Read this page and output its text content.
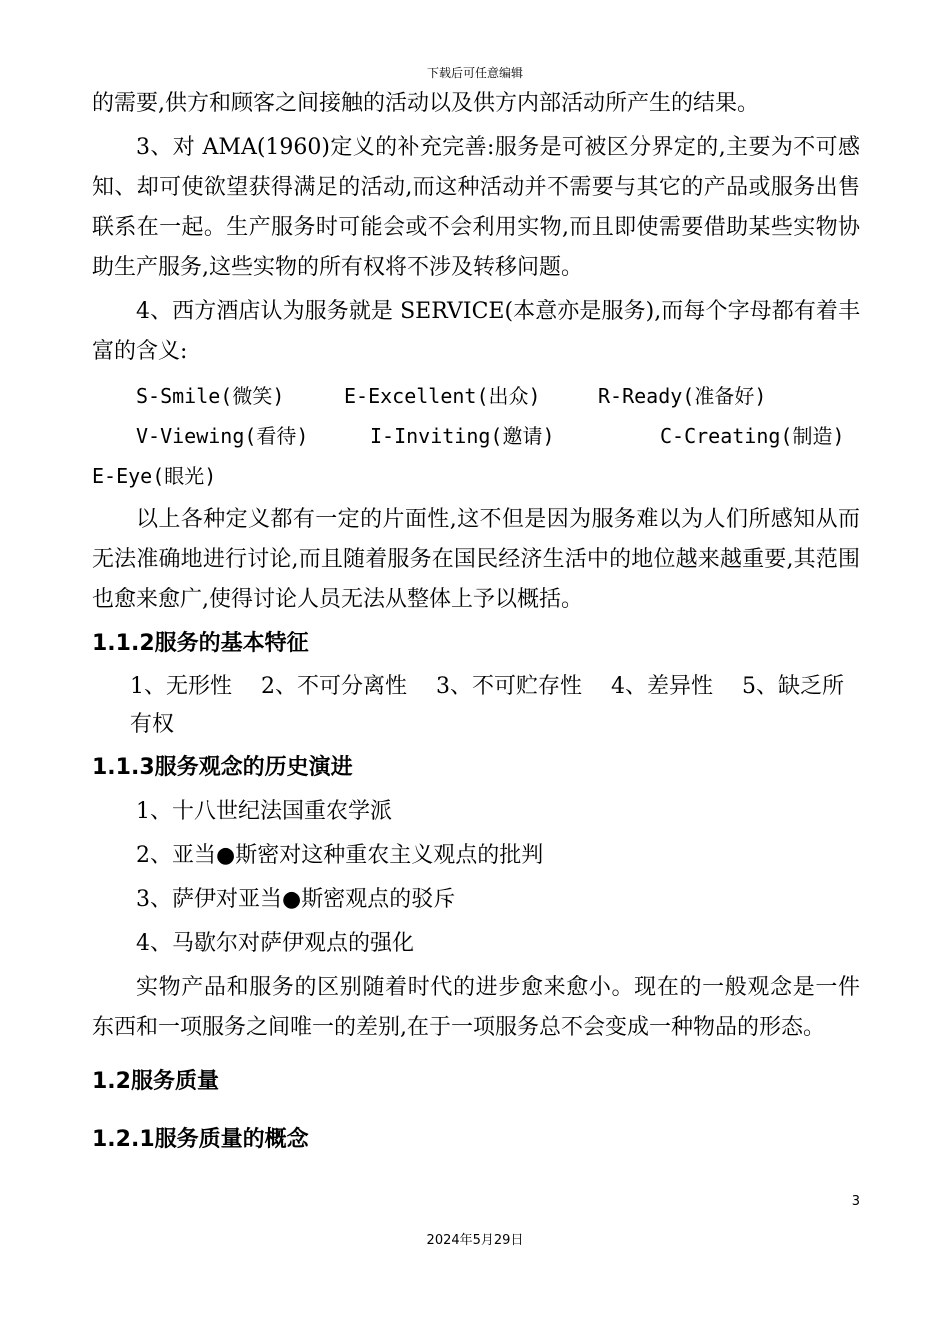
下载后可任意编辑

的需要,供方和顾客之间接触的活动以及供方内部活动所产生的结果。

3、对 AMA(1960)定义的补充完善:服务是可被区分界定的,主要为不可感知、却可使欲望获得满足的活动,而这种活动并不需要与其它的产品或服务出售联系在一起。生产服务时可能会或不会利用实物,而且即使需要借助某些实物协助生产服务,这些实物的所有权将不涉及转移问题。

4、西方酒店认为服务就是 SERVICE(本意亦是服务),而每个字母都有着丰富的含义:

S-Smile(微笑)	E-Excellent(出众)	R-Ready(准备好)
V-Viewing(看待)	I-Inviting(邀请)	C-Creating(制造)
E-Eye(眼光)

以上各种定义都有一定的片面性,这不但是因为服务难以为人们所感知从而无法准确地进行讨论,而且随着服务在国民经济生活中的地位越来越重要,其范围也愈来愈广,使得讨论人员无法从整体上予以概括。

1.1.2服务的基本特征
1、无形性 2、不可分离性 3、不可贮存性 4、差异性 5、缺乏所
有权
1.1.3服务观念的历史演进
1、十八世纪法国重农学派
2、亚当●斯密对这种重农主义观点的批判
3、萨伊对亚当●斯密观点的驳斥
4、马歇尔对萨伊观点的强化

实物产品和服务的区别随着时代的进步愈来愈小。现在的一般观念是一件东西和一项服务之间唯一的差别,在于一项服务总不会变成一种物品的形态。

1.2服务质量
1.2.1服务质量的概念
3
2024年5月29日
